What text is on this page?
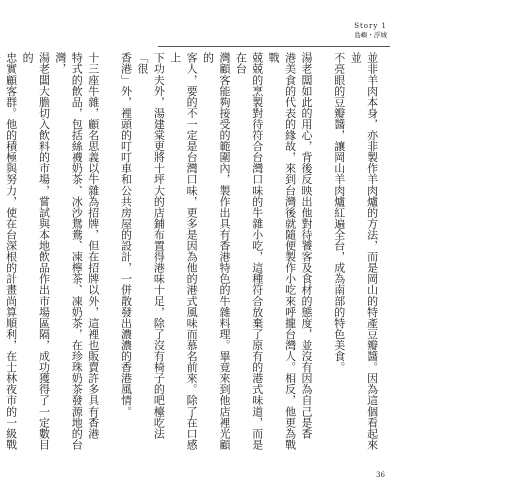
Story 1
島嶼・浮城

並非羊肉本身，亦非製作羊肉爐的方法，而是岡山的特產豆瓣醬。因為這個看起來並
不亮眼的豆瓣醬，讓岡山羊肉爐紅遍全台，成為南部的特色美食。

湯老闆如此的用心，背後反映出他對待饕客及食材的態度，並沒有因為自己是香
港美食的代表的緣故，來到台灣後就隨便製作小吃來呼攏台灣人。相反，他更為戰戰
兢兢的烹製對待符合台灣口味的牛雜小吃，這種符合放棄了原有的港式味道，而是在台
灣顧客能夠接受的範圍內，製作出具有香港特色的牛雜料理。畢竟來到他店裡光顧的
客人，要的不一定是台灣口味，更多是因為他的港式風味而慕名前來。除了在口感上
下功夫外，湯建棠更將十坪大的店鋪布置得港味十足，除了沒有椅子的吧檯吃法「很
香港」外，裡頭的叮叮車和公共房屋的設計，一併散發出濃濃的香港風情。

十三座牛雜，顧名思義以牛雜為招牌，但在招牌以外，這裡也販賣許多具有香港
特式的飲品，包括絲襪奶茶、冰沙鴛鴦、凍檸茶、凍奶茶，在珍珠奶茶發源地的台灣，
湯老闆大膽切入飲料的市場，嘗試與本地飲品作出市場區隔，成功獲得了一定數目的
忠實顧客群。他的積極與努力，使在台深根的計畫尚算順利，在士林夜市的一級戰

36
